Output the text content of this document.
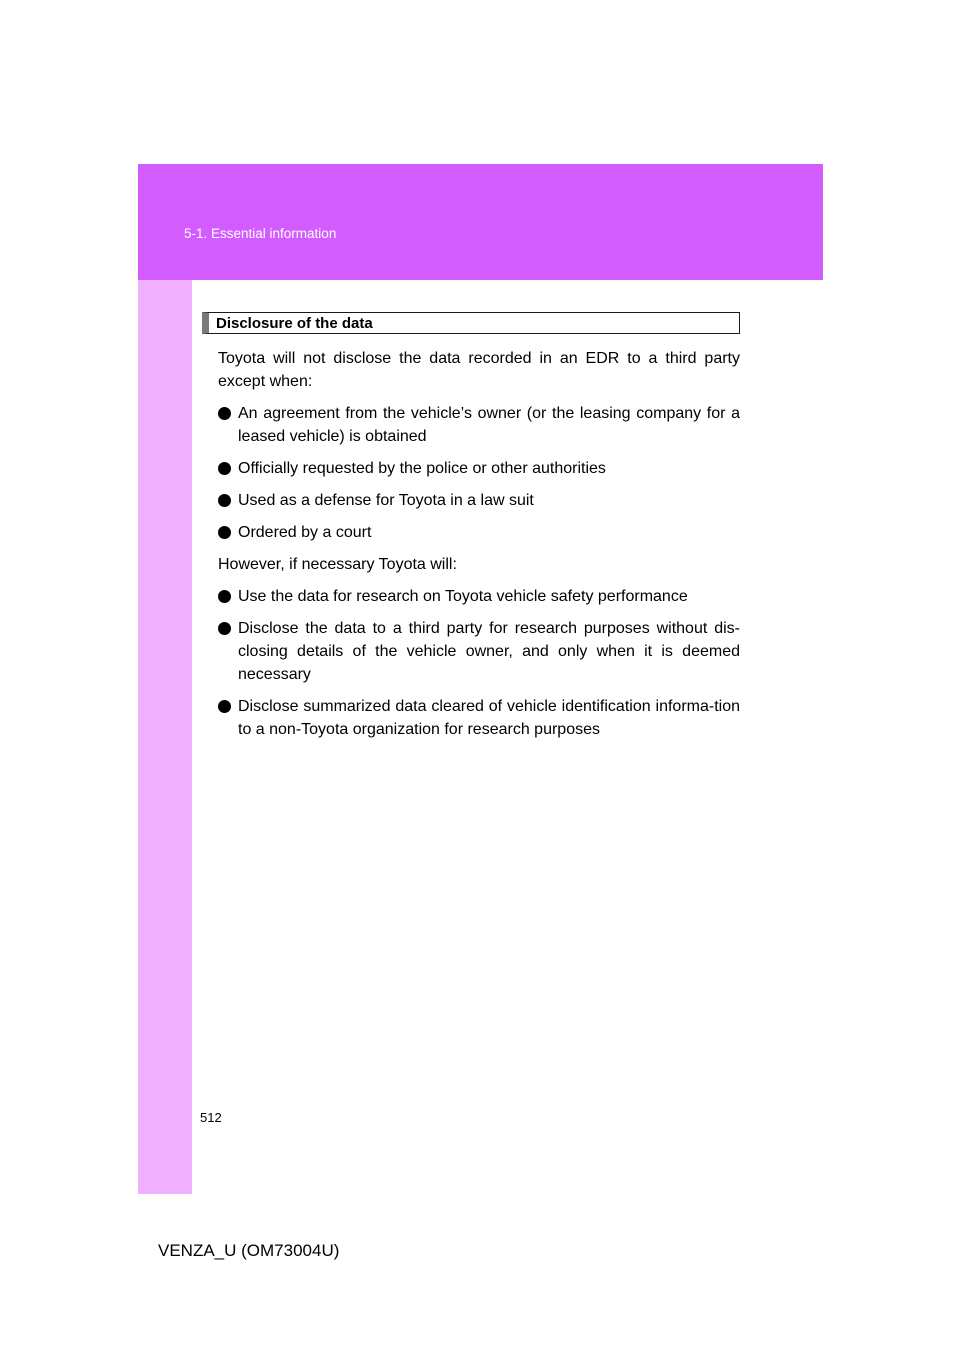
5-1. Essential information
512
Disclosure of the data

Toyota will not disclose the data recorded in an EDR to a third party except when:

An agreement from the vehicle’s owner (or the leasing company for a leased vehicle) is obtained
Officially requested by the police or other authorities
Used as a defense for Toyota in a law suit
Ordered by a court

However, if necessary Toyota will:

Use the data for research on Toyota vehicle safety performance
Disclose the data to a third party for research purposes without dis-closing details of the vehicle owner, and only when it is deemed necessary
Disclose summarized data cleared of vehicle identification informa-tion to a non-Toyota organization for research purposes
VENZA_U (OM73004U)
